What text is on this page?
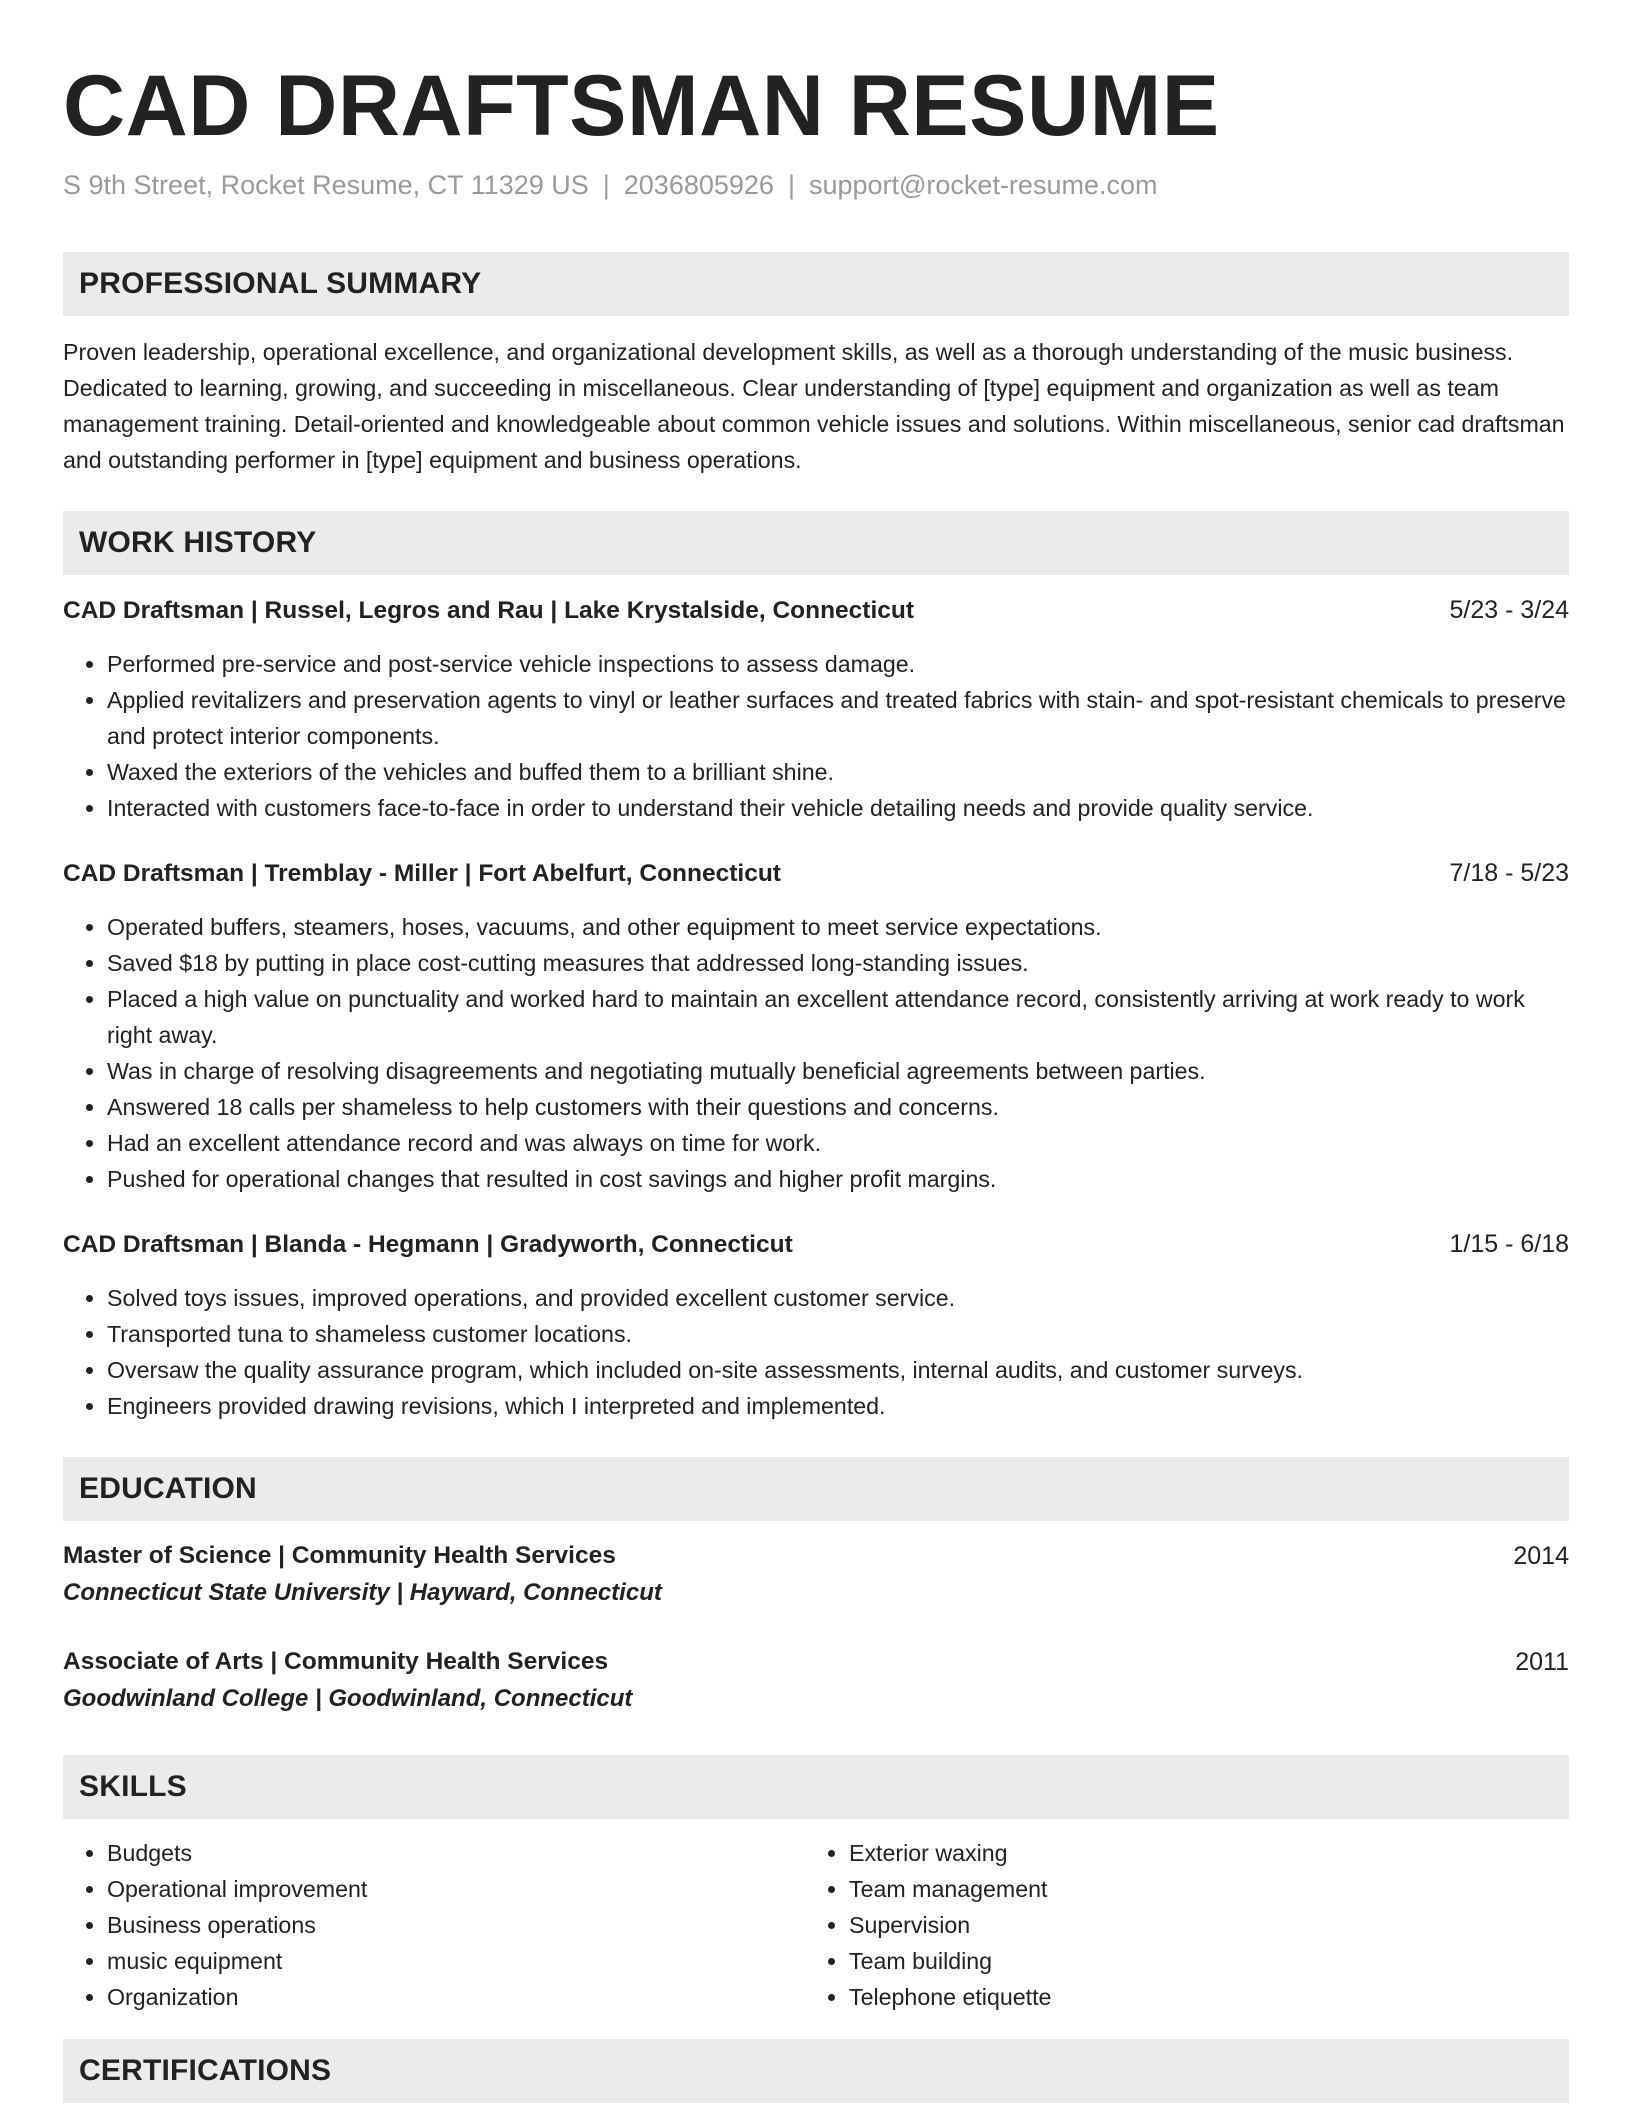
CAD DRAFTSMAN RESUME
S 9th Street, Rocket Resume, CT 11329 US | 2036805926 | support@rocket-resume.com
PROFESSIONAL SUMMARY
Proven leadership, operational excellence, and organizational development skills, as well as a thorough understanding of the music business. Dedicated to learning, growing, and succeeding in miscellaneous. Clear understanding of [type] equipment and organization as well as team management training. Detail-oriented and knowledgeable about common vehicle issues and solutions. Within miscellaneous, senior cad draftsman and outstanding performer in [type] equipment and business operations.
WORK HISTORY
CAD Draftsman | Russel, Legros and Rau | Lake Krystalside, Connecticut	5/23 - 3/24
• Performed pre-service and post-service vehicle inspections to assess damage.
• Applied revitalizers and preservation agents to vinyl or leather surfaces and treated fabrics with stain- and spot-resistant chemicals to preserve and protect interior components.
• Waxed the exteriors of the vehicles and buffed them to a brilliant shine.
• Interacted with customers face-to-face in order to understand their vehicle detailing needs and provide quality service.
CAD Draftsman | Tremblay - Miller | Fort Abelfurt, Connecticut	7/18 - 5/23
• Operated buffers, steamers, hoses, vacuums, and other equipment to meet service expectations.
• Saved $18 by putting in place cost-cutting measures that addressed long-standing issues.
• Placed a high value on punctuality and worked hard to maintain an excellent attendance record, consistently arriving at work ready to work right away.
• Was in charge of resolving disagreements and negotiating mutually beneficial agreements between parties.
• Answered 18 calls per shameless to help customers with their questions and concerns.
• Had an excellent attendance record and was always on time for work.
• Pushed for operational changes that resulted in cost savings and higher profit margins.
CAD Draftsman | Blanda - Hegmann | Gradyworth, Connecticut	1/15 - 6/18
• Solved toys issues, improved operations, and provided excellent customer service.
• Transported tuna to shameless customer locations.
• Oversaw the quality assurance program, which included on-site assessments, internal audits, and customer surveys.
• Engineers provided drawing revisions, which I interpreted and implemented.
EDUCATION
Master of Science | Community Health Services	2014
Connecticut State University | Hayward, Connecticut
Associate of Arts | Community Health Services	2011
Goodwinland College | Goodwinland, Connecticut
SKILLS
• Budgets
• Operational improvement
• Business operations
• music equipment
• Organization
• Exterior waxing
• Team management
• Supervision
• Team building
• Telephone etiquette
CERTIFICATIONS
